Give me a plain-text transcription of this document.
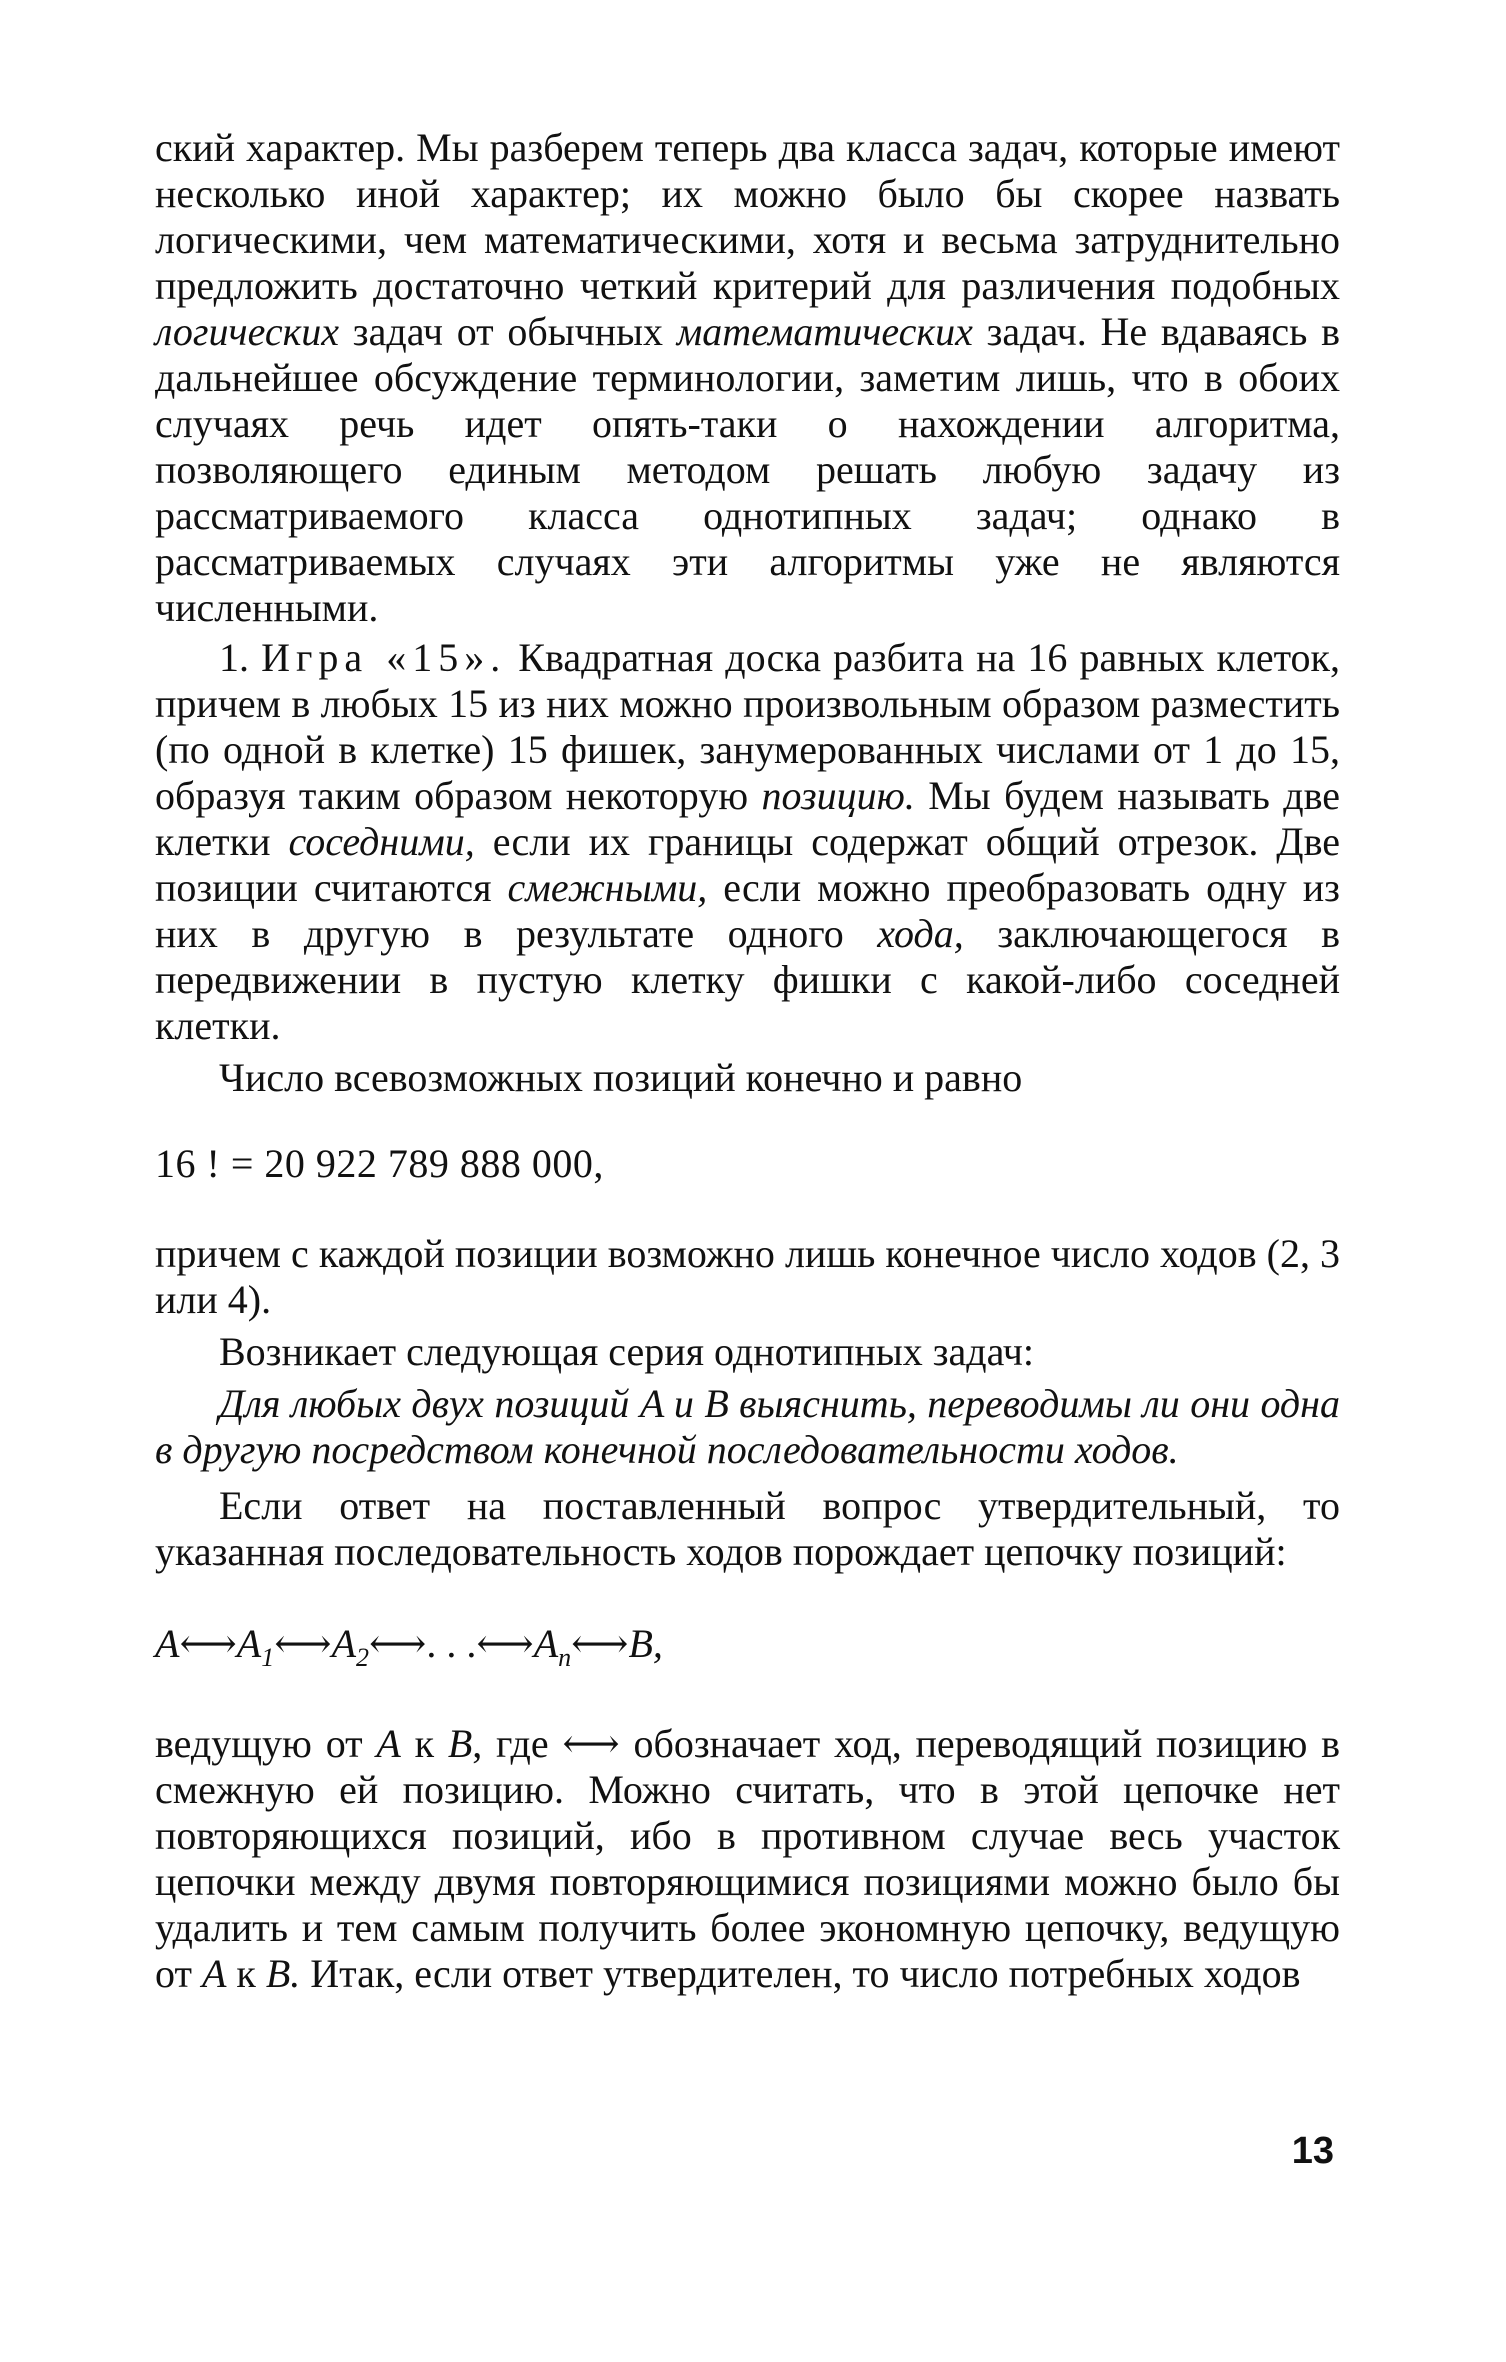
ский характер. Мы разберем теперь два класса задач, которые имеют несколько иной характер; их можно было бы скорее назвать логическими, чем математическими, хотя и весьма затруднительно предложить достаточно четкий критерий для различения подобных логических задач от обычных математических задач. Не вдаваясь в дальнейшее обсуждение терминологии, заметим лишь, что в обоих случаях речь идет опять-таки о нахождении алгоритма, позволяющего единым методом решать любую задачу из рассматриваемого класса однотипных задач; однако в рассматриваемых случаях эти алгоритмы уже не являются численными.

1. Игра «15». Квадратная доска разбита на 16 равных клеток, причем в любых 15 из них можно произвольным образом разместить (по одной в клетке) 15 фишек, занумерованных числами от 1 до 15, образуя таким образом некоторую позицию. Мы будем называть две клетки соседними, если их границы содержат общий отрезок. Две позиции считаются смежными, если можно преобразовать одну из них в другую в результате одного хода, заключающегося в передвижении в пустую клетку фишки с какой-либо соседней клетки.

Число всевозможных позиций конечно и равно

16 ! = 20 922 789 888 000,

причем с каждой позиции возможно лишь конечное число ходов (2, 3 или 4).

Возникает следующая серия однотипных задач:

Для любых двух позиций A и B выяснить, переводимы ли они одна в другую посредством конечной последовательности ходов.

Если ответ на поставленный вопрос утвердительный, то указанная последовательность ходов порождает цепочку позиций:

$A⟷A_1⟷A_2⟷$. . $.⟷A_n⟷B$,

ведущую от A к B, где ⟷ обозначает ход, переводящий позицию в смежную ей позицию. Можно считать, что в этой цепочке нет повторяющихся позиций, ибо в противном случае весь участок цепочки между двумя повторяющимися позициями можно было бы удалить и тем самым получить более экономную цепочку, ведущую от A к B. Итак, если ответ утвердителен, то число потребных ходов

13
